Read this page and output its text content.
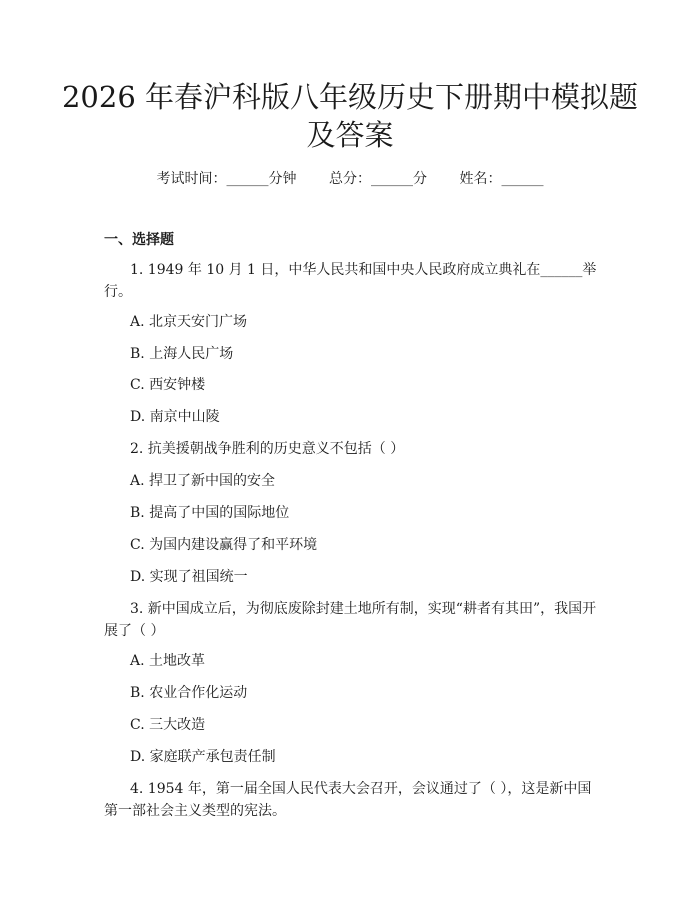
2026 年春沪科版八年级历史下册期中模拟题
及答案
考试时间：______分钟 总分：______分 姓名：______
一、选择题
1. 1949 年 10 月 1 日，中华人民共和国中央人民政府成立典礼在______举行。
A. 北京天安门广场
B. 上海人民广场
C. 西安钟楼
D. 南京中山陵
2. 抗美援朝战争胜利的历史意义不包括（ ）
A. 捍卫了新中国的安全
B. 提高了中国的国际地位
C. 为国内建设赢得了和平环境
D. 实现了祖国统一
3. 新中国成立后，为彻底废除封建土地所有制，实现“耕者有其田”，我国开展了（ ）
A. 土地改革
B. 农业合作化运动
C. 三大改造
D. 家庭联产承包责任制
4. 1954 年，第一届全国人民代表大会召开，会议通过了（ ），这是新中国第一部社会主义类型的宪法。
